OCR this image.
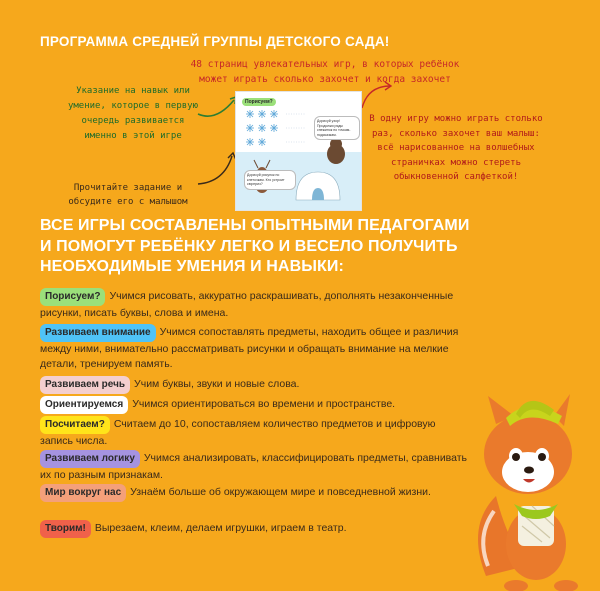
ПРОГРАММА СРЕДНЕЙ ГРУППЫ ДЕТСКОГО САДА!
48 страниц увлекательных игр, в которых ребёнок может играть сколько захочет и когда захочет
Указание на навык или умение, которое в первую очередь развивается именно в этой игре
Прочитайте задание и обсудите его с малышом
В одну игру можно играть столько раз, сколько захочет ваш малыш: всё нарисованное на волшебных страничках можно стереть обыкновенной салфеткой!
Порисуем?
Дорисуй узор! Продолжи ряды снежинок по точкам-подсказкам.
Дорисуй рисунок по клеточкам. Кто устроит сюрприз?
ВСЕ ИГРЫ СОСТАВЛЕНЫ ОПЫТНЫМИ ПЕДАГОГАМИ И ПОМОГУТ РЕБЁНКУ ЛЕГКО И ВЕСЕЛО ПОЛУЧИТЬ НЕОБХОДИМЫЕ УМЕНИЯ И НАВЫКИ:
Порисуем? Учимся рисовать, аккуратно раскрашивать, дополнять незаконченные рисунки, писать буквы, слова и имена.
Развиваем внимание Учимся сопоставлять предметы, находить общее и различия между ними, внимательно рассматривать рисунки и обращать внимание на мелкие детали, тренируем память.
Развиваем речь Учим буквы, звуки и новые слова.
Ориентируемся Учимся ориентироваться во времени и пространстве.
Посчитаем? Считаем до 10, сопоставляем количество предметов и цифровую запись числа.
Развиваем логику Учимся анализировать, классифицировать предметы, сравнивать их по разным признакам.
Мир вокруг нас Узнаём больше об окружающем мире и повседневной жизни.
Творим! Вырезаем, клеим, делаем игрушки, играем в театр.
